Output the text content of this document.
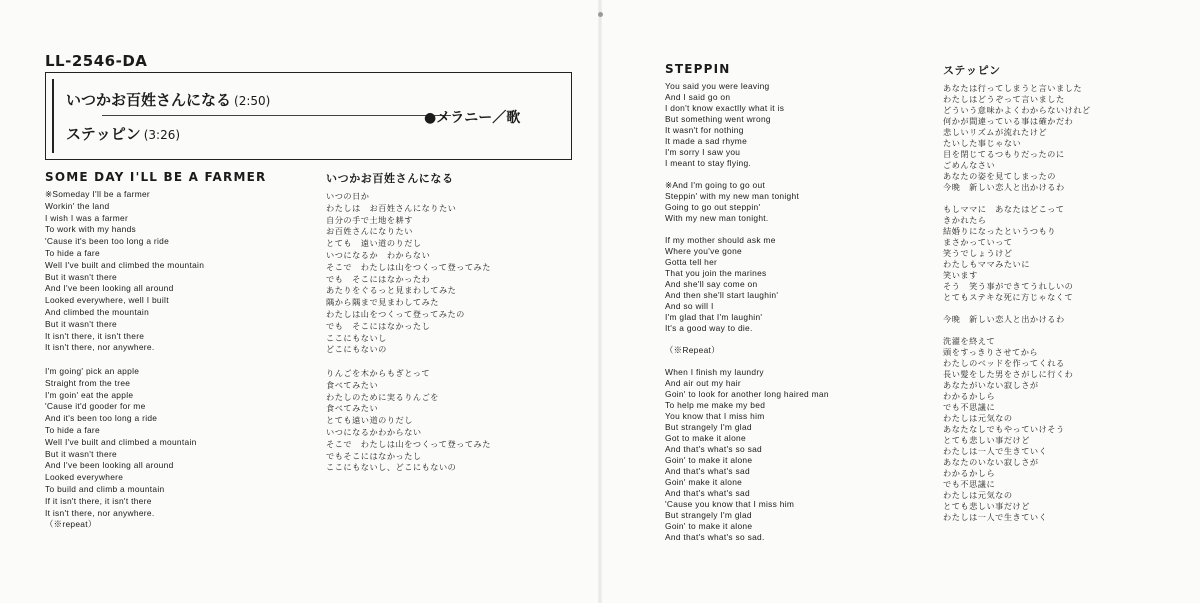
LL-2546-DA
いつかお百姓さんになる (2:50)
●メラニー／歌
ステッピン (3:26)
SOME DAY I'LL BE A FARMER
※Someday I'll be a farmer
Workin' the land
I wish I was a farmer
To work with my hands
'Cause it's been too long a ride
To hide a fare
Well I've built and climbed the mountain
But it wasn't there
And I've been looking all around
Looked everywhere, well I built
And climbed the mountain
But it wasn't there
It isn't there, it isn't there
It isn't there, nor anywhere.
I'm going' pick an apple
Straight from the tree
I'm goin' eat the apple
'Cause it'd gooder for me
And it's been too long a ride
To hide a fare
Well I've built and climbed a mountain
But it wasn't there
And I've been looking all around
Looked everywhere
To build and climb a mountain
If it isn't there, it isn't there
It isn't there, nor anywhere.
（※repeat）
いつかお百姓さんになる
いつの日か
わたしは　お百姓さんになりたい
自分の手で土地を耕す
お百姓さんになりたい
とても　遠い道のりだし
いつになるか　わからない
そこで　わたしは山をつくって登ってみた
でも　そこにはなかったわ
あたりをぐるっと見まわしてみた
隅から隅まで見まわしてみた
わたしは山をつくって登ってみたの
でも　そこにはなかったし
ここにもないし
どこにもないの
りんごを木からもぎとって
食べてみたい
わたしのために実るりんごを
食べてみたい
とても遠い道のりだし
いつになるかわからない
そこで　わたしは山をつくって登ってみた
でもそこにはなかったし
ここにもないし、どこにもないの
STEPPIN
You said you were leaving
And I said go on
I don't know exactlly what it is
But something went wrong
It wasn't for nothing
It made a sad rhyme
I'm sorry I saw you
I meant to stay flying.
※And I'm going to go out
Steppin' with my new man tonight
Going to go out steppin'
With my new man tonight.
If my mother should ask me
Where you've gone
Gotta tell her
That you join the marines
And she'll say come on
And then she'll start laughin'
And so will I
I'm glad that I'm laughin'
It's a good way to die.
（※Repeat）
When I finish my laundry
And air out my hair
Goin' to look for another long haired man
To help me make my bed
You know that I miss him
But strangely I'm glad
Got to make it alone
And that's what's so sad
Goin' to make it alone
And that's what's sad
Goin' make it alone
And that's what's sad
'Cause you know that I miss him
But strangely I'm glad
Goin' to make it alone
And that's what's so sad.
ステッピン
あなたは行ってしまうと言いました
わたしはどうぞって言いました
どういう意味かよくわからないけれど
何かが間違っている事は確かだわ
悲しいリズムが流れたけど
たいした事じゃない
目を閉じてるつもりだったのに
ごめんなさい
あなたの姿を見てしまったの
今晩　新しい恋人と出かけるわ
もしママに　あなたはどこって
きかれたら
結婚りになったというつもり
まさかっていって
笑うでしょうけど
わたしもママみたいに
笑います
そう　笑う事ができてうれしいの
とてもステキな死に方じゃなくて
今晩　新しい恋人と出かけるわ
洗濯を終えて
頭をすっきりさせてから
わたしのベッドを作ってくれる
長い髪をした男をさがしに行くわ
あなたがいない寂しさが
わかるかしら
でも不思議に
わたしは元気なの
あなたなしでもやっていけそう
とても悲しい事だけど
わたしは一人で生きていく
あなたのいない寂しさが
わかるかしら
でも不思議に
わたしは元気なの
とても悲しい事だけど
わたしは一人で生きていく
